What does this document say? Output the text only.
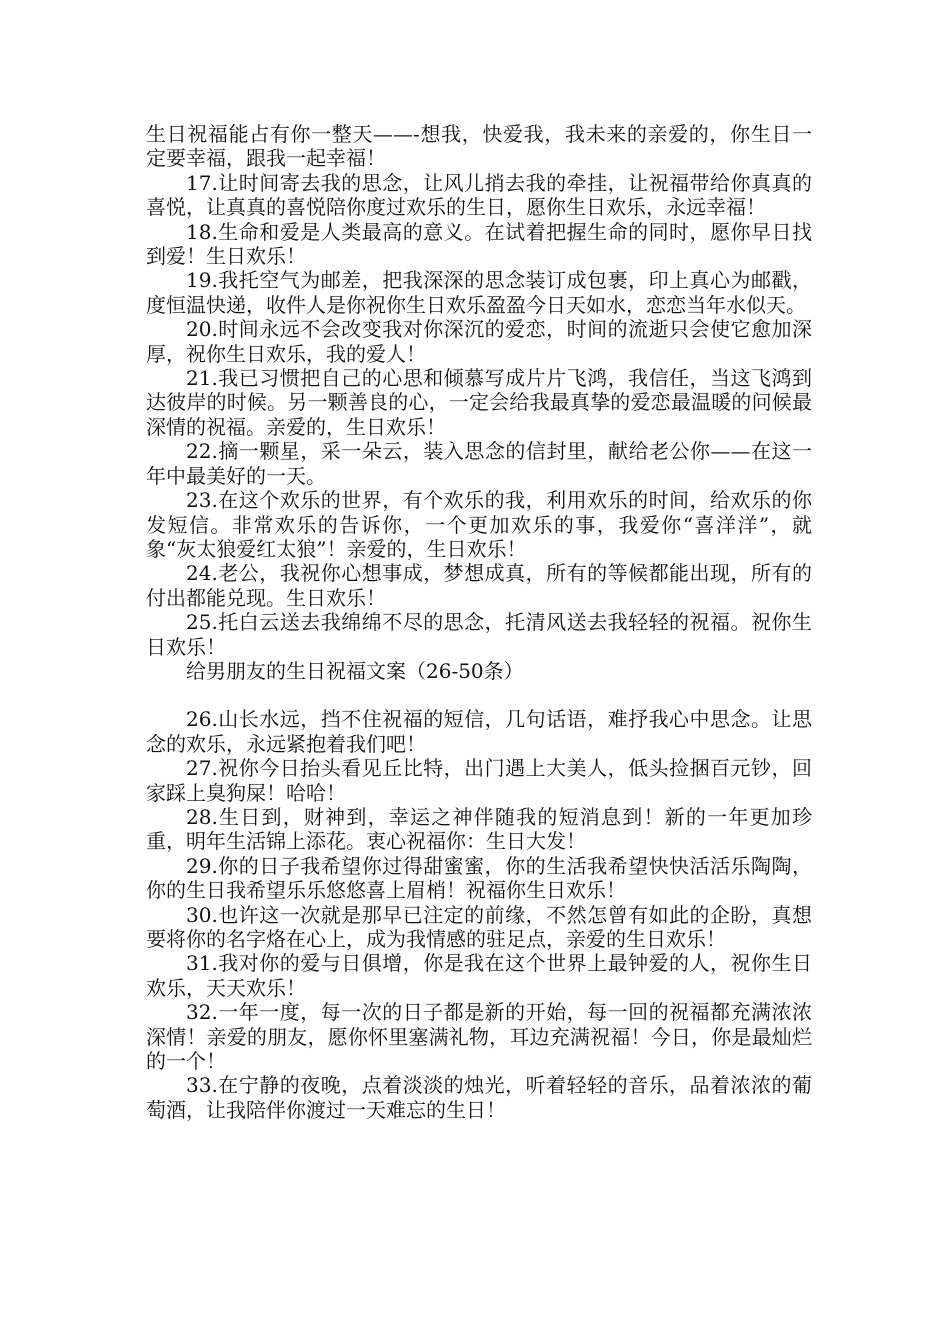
生日祝福能占有你一整天——-想我，快爱我，我未来的亲爱的，你生日一定要幸福，跟我一起幸福！

17.让时间寄去我的思念，让风儿捎去我的牵挂，让祝福带给你真真的喜悦，让真真的喜悦陪你度过欢乐的生日，愿你生日欢乐，永远幸福！

18.生命和爱是人类最高的意义。在试着把握生命的同时，愿你早日找到爱！生日欢乐！

19.我托空气为邮差，把我深深的思念装订成包裹，印上真心为邮戳，度恒温快递，收件人是你祝你生日欢乐盈盈今日天如水，恋恋当年水似天。

20.时间永远不会改变我对你深沉的爱恋，时间的流逝只会使它愈加深厚，祝你生日欢乐，我的爱人！

21.我已习惯把自己的心思和倾慕写成片片飞鸿，我信任，当这飞鸿到达彼岸的时候。另一颗善良的心，一定会给我最真挚的爱恋最温暖的问候最深情的祝福。亲爱的，生日欢乐！

22.摘一颗星，采一朵云，装入思念的信封里，献给老公你——在这一年中最美好的一天。

23.在这个欢乐的世界，有个欢乐的我，利用欢乐的时间，给欢乐的你发短信。非常欢乐的告诉你，一个更加欢乐的事，我爱你“喜洋洋”，就象“灰太狼爱红太狼”！亲爱的，生日欢乐！

24.老公，我祝你心想事成，梦想成真，所有的等候都能出现，所有的付出都能兑现。生日欢乐！

25.托白云送去我绵绵不尽的思念，托清风送去我轻轻的祝福。祝你生日欢乐！

给男朋友的生日祝福文案（26-50条）

26.山长水远，挡不住祝福的短信，几句话语，难抒我心中思念。让思念的欢乐，永远紧抱着我们吧！

27.祝你今日抬头看见丘比特，出门遇上大美人，低头捡捆百元钞，回家踩上臭狗屎！哈哈！

28.生日到，财神到，幸运之神伴随我的短消息到！新的一年更加珍重，明年生活锦上添花。衷心祝福你：生日大发！

29.你的日子我希望你过得甜蜜蜜，你的生活我希望快快活活乐陶陶，你的生日我希望乐乐悠悠喜上眉梢！祝福你生日欢乐！

30.也许这一次就是那早已注定的前缘，不然怎曾有如此的企盼，真想要将你的名字烙在心上，成为我情感的驻足点，亲爱的生日欢乐！

31.我对你的爱与日俱增，你是我在这个世界上最钟爱的人，祝你生日欢乐，天天欢乐！

32.一年一度，每一次的日子都是新的开始，每一回的祝福都充满浓浓深情！亲爱的朋友，愿你怀里塞满礼物，耳边充满祝福！今日，你是最灿烂的一个！

33.在宁静的夜晚，点着淡淡的烛光，听着轻轻的音乐，品着浓浓的葡萄酒，让我陪伴你渡过一天难忘的生日！
